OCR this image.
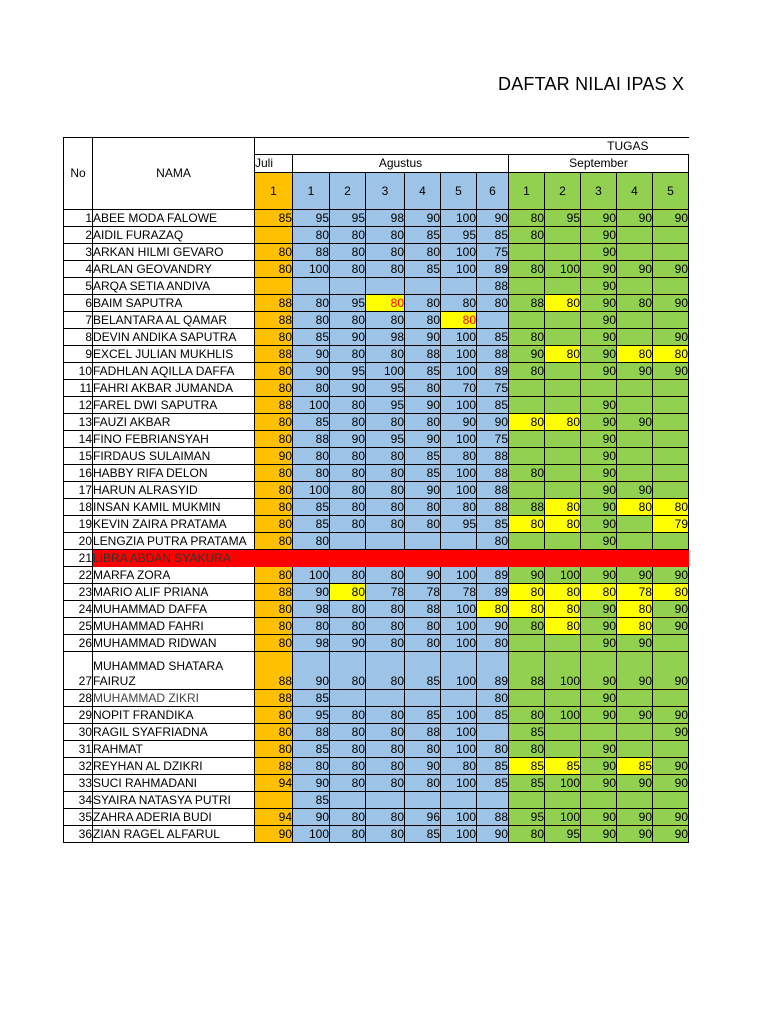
DAFTAR NILAI IPAS X
No	NAMA	TUGAS											
		Juli	Agustus						September				
		1	1	2	3	4	5	6	1	2	3	4	5
1	ABEE MODA FALOWE	85	95	95	98	90	100	90	80	95	90	90	90
2	AIDIL FURAZAQ		80	80	80	85	95	85	80		90		
3	ARKAN HILMI GEVARO	80	88	80	80	80	100	75			90		
4	ARLAN GEOVANDRY	80	100	80	80	85	100	89	80	100	90	90	90
5	ARQA SETIA ANDIVA							88			90		
6	BAIM SAPUTRA	88	80	95	80	80	80	80	88	80	90	80	90
7	BELANTARA AL QAMAR	88	80	80	80	80	80				90		
8	DEVIN ANDIKA SAPUTRA	80	85	90	98	90	100	85	80		90		90
9	EXCEL JULIAN MUKHLIS	88	90	80	80	88	100	88	90	80	90	80	80
10	FADHLAN AQILLA DAFFA	80	90	95	100	85	100	89	80		90	90	90
11	FAHRI AKBAR JUMANDA	80	80	90	95	80	70	75					
12	FAREL DWI SAPUTRA	88	100	80	95	90	100	85			90		
13	FAUZI AKBAR	80	85	80	80	80	90	90	80	80	90	90	
14	FINO FEBRIANSYAH	80	88	90	95	90	100	75			90		
15	FIRDAUS SULAIMAN	90	80	80	80	85	80	88			90		
16	HABBY RIFA DELON	80	80	80	80	85	100	88	80		90		
17	HARUN ALRASYID	80	100	80	80	90	100	88			90	90	
18	INSAN KAMIL MUKMIN	80	85	80	80	80	80	88	88	80	90	80	80
19	KEVIN ZAIRA PRATAMA	80	85	80	80	80	95	85	80	80	90		79
20	LENGZIA PUTRA PRATAMA	80	80					80			90		
21	LIBRA ABDAN SYAKURA												
22	MARFA ZORA	80	100	80	80	90	100	89	90	100	90	90	90
23	MARIO ALIF PRIANA	88	90	80	78	78	78	89	80	80	80	78	80
24	MUHAMMAD DAFFA	80	98	80	80	88	100	80	80	80	90	80	90
25	MUHAMMAD FAHRI	80	80	80	80	80	100	90	80	80	90	80	90
26	MUHAMMAD RIDWAN	80	98	90	80	80	100	80			90	90	
27	MUHAMMAD SHATARA FAIRUZ	88	90	80	80	85	100	89	88	100	90	90	90
28	MUHAMMAD ZIKRI	88	85					80			90		
29	NOPIT FRANDIKA	80	95	80	80	85	100	85	80	100	90	90	90
30	RAGIL SYAFRIADNA	80	88	80	80	88	100		85				90
31	RAHMAT	80	85	80	80	80	100	80	80		90		
32	REYHAN AL DZIKRI	88	80	80	80	90	80	85	85	85	90	85	90
33	SUCI RAHMADANI	94	90	80	80	80	100	85	85	100	90	90	90
34	SYAIRA NATASYA PUTRI		85										
35	ZAHRA ADERIA BUDI	94	90	80	80	96	100	88	95	100	90	90	90
36	ZIAN RAGEL ALFARUL	90	100	80	80	85	100	90	80	95	90	90	90
